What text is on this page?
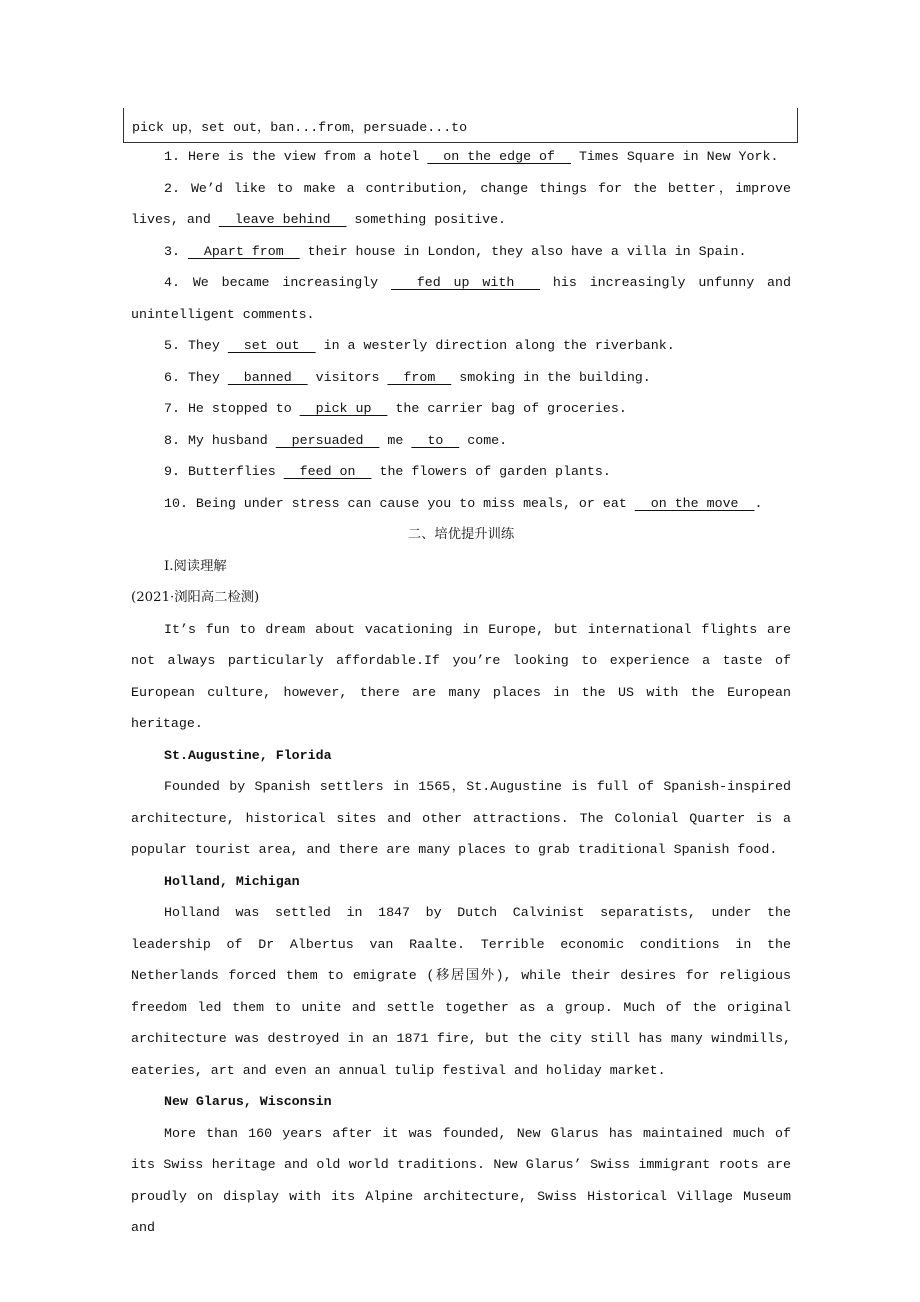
pick up，set out，ban...from，persuade...to

1. Here is the view from a hotel   on the edge of   Times Square in New York.

2. We’d like to make a contribution, change things for the better，improve lives, and   leave behind   something positive.

3.   Apart from   their house in London, they also have a villa in Spain.

4. We became increasingly   fed up with   his increasingly unfunny and unintelligent comments.

5. They   set out   in a westerly direction along the riverbank.

6. They   banned   visitors   from   smoking in the building.

7. He stopped to   pick up   the carrier bag of groceries.

8. My husband   persuaded   me   to   come.

9. Butterflies   feed on   the flowers of garden plants.

10. Being under stress can cause you to miss meals, or eat   on the move  .

二、培优提升训练

Ⅰ.阅读理解

(2021·浏阳高二检测)

It’s fun to dream about vacationing in Europe, but international flights are not always particularly affordable.If you’re looking to experience a taste of European culture, however, there are many places in the US with the European heritage.

St.Augustine, Florida

Founded by Spanish settlers in 1565，St.Augustine is full of Spanish-inspired architecture, historical sites and other attractions. The Colonial Quarter is a popular tourist area, and there are many places to grab traditional Spanish food.

Holland, Michigan

Holland was settled in 1847 by Dutch Calvinist separatists, under the leadership of Dr Albertus van Raalte. Terrible economic conditions in the Netherlands forced them to emigrate (移居国外), while their desires for religious freedom led them to unite and settle together as a group. Much of the original architecture was destroyed in an 1871 fire, but the city still has many windmills, eateries, art and even an annual tulip festival and holiday market.

New Glarus, Wisconsin

More than 160 years after it was founded, New Glarus has maintained much of its Swiss heritage and old world traditions. New Glarus’ Swiss immigrant roots are proudly on display with its Alpine architecture, Swiss Historical Village Museum and
